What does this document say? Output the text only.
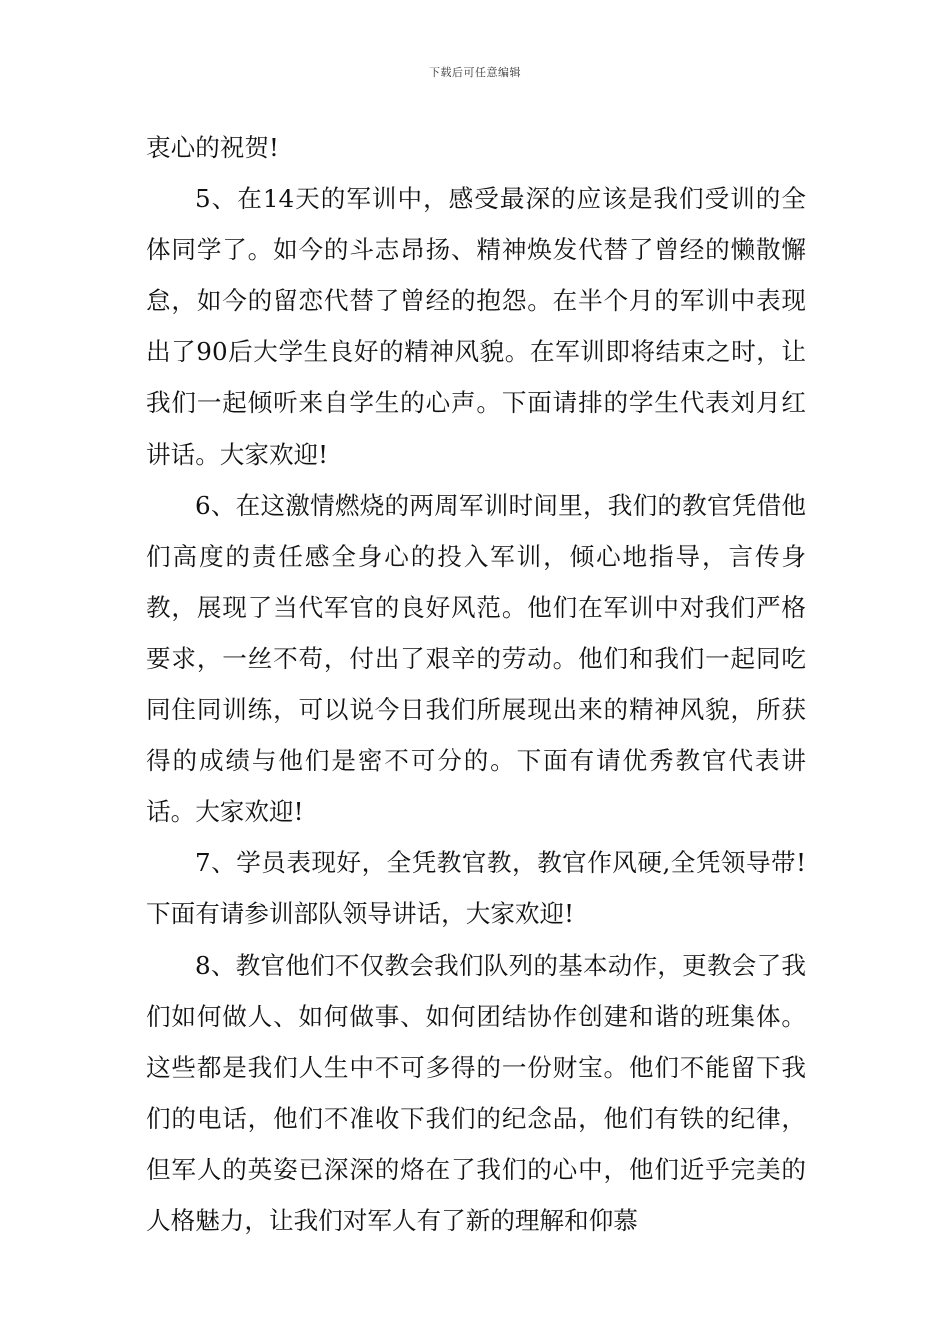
下载后可任意编辑

衷心的祝贺!

5、在14天的军训中，感受最深的应该是我们受训的全体同学了。如今的斗志昂扬、精神焕发代替了曾经的懒散懈怠，如今的留恋代替了曾经的抱怨。在半个月的军训中表现出了90后大学生良好的精神风貌。在军训即将结束之时，让我们一起倾听来自学生的心声。下面请排的学生代表刘月红讲话。大家欢迎!

6、在这激情燃烧的两周军训时间里，我们的教官凭借他们高度的责任感全身心的投入军训，倾心地指导，言传身教，展现了当代军官的良好风范。他们在军训中对我们严格要求，一丝不苟，付出了艰辛的劳动。他们和我们一起同吃同住同训练，可以说今日我们所展现出来的精神风貌，所获得的成绩与他们是密不可分的。下面有请优秀教官代表讲话。大家欢迎!

7、学员表现好，全凭教官教，教官作风硬,全凭领导带!下面有请参训部队领导讲话，大家欢迎!

8、教官他们不仅教会我们队列的基本动作，更教会了我们如何做人、如何做事、如何团结协作创建和谐的班集体。这些都是我们人生中不可多得的一份财宝。他们不能留下我们的电话，他们不准收下我们的纪念品，他们有铁的纪律，但军人的英姿已深深的烙在了我们的心中，他们近乎完美的人格魅力，让我们对军人有了新的理解和仰慕
